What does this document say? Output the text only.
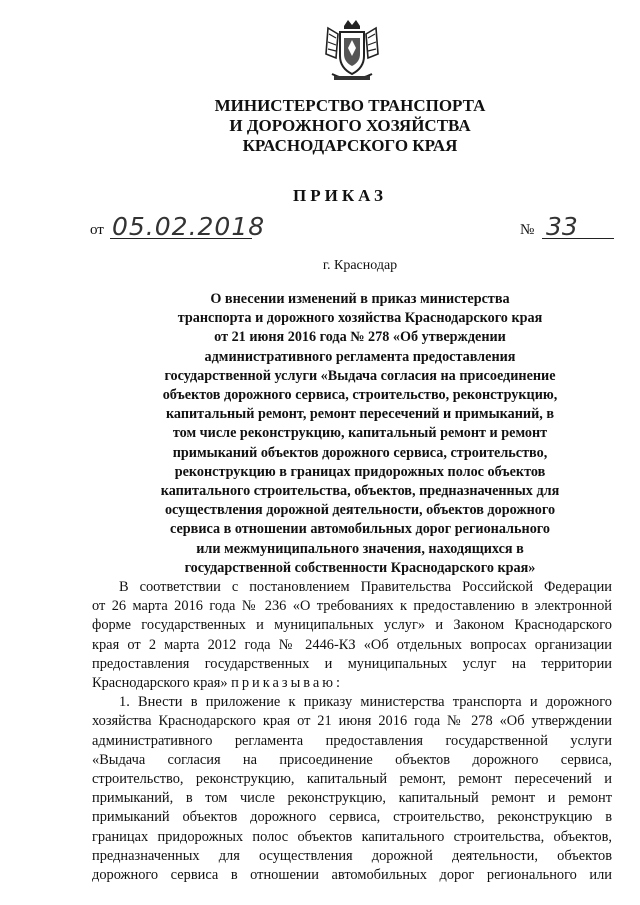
МИНИСТЕРСТВО ТРАНСПОРТА
И ДОРОЖНОГО ХОЗЯЙСТВА
КРАСНОДАРСКОГО КРАЯ
ПРИКАЗ
от 05.02.2018	№ 33
г. Краснодар
О внесении изменений в приказ министерства
транспорта и дорожного хозяйства Краснодарского края
от 21 июня 2016 года № 278 «Об утверждении
административного регламента предоставления
государственной услуги «Выдача согласия на присоединение
объектов дорожного сервиса, строительство, реконструкцию,
капитальный ремонт, ремонт пересечений и примыканий, в
том числе реконструкцию, капитальный ремонт и ремонт
примыканий объектов дорожного сервиса, строительство,
реконструкцию в границах придорожных полос объектов
капитального строительства, объектов, предназначенных для
осуществления дорожной деятельности, объектов дорожного
сервиса в отношении автомобильных дорог регионального
или межмуниципального значения, находящихся в
государственной собственности Краснодарского края»
В соответствии с постановлением Правительства Российской Федерации
от 26 марта 2016 года № 236 «О требованиях к предоставлению в электронной
форме государственных и муниципальных услуг» и Законом Краснодарского
края от 2 марта 2012 года № 2446-КЗ «Об отдельных вопросах организации
предоставления государственных и муниципальных услуг на территории
Краснодарского края» приказываю:
1. Внести в приложение к приказу министерства транспорта и дорожного
хозяйства Краснодарского края от 21 июня 2016 года № 278 «Об утверждении
административного регламента предоставления государственной услуги
«Выдача согласия на присоединение объектов дорожного сервиса,
строительство, реконструкцию, капитальный ремонт, ремонт пересечений и
примыканий, в том числе реконструкцию, капитальный ремонт и ремонт
примыканий объектов дорожного сервиса, строительство, реконструкцию в
границах придорожных полос объектов капитального строительства, объектов,
предназначенных для осуществления дорожной деятельности, объектов
дорожного сервиса в отношении автомобильных дорог регионального или
